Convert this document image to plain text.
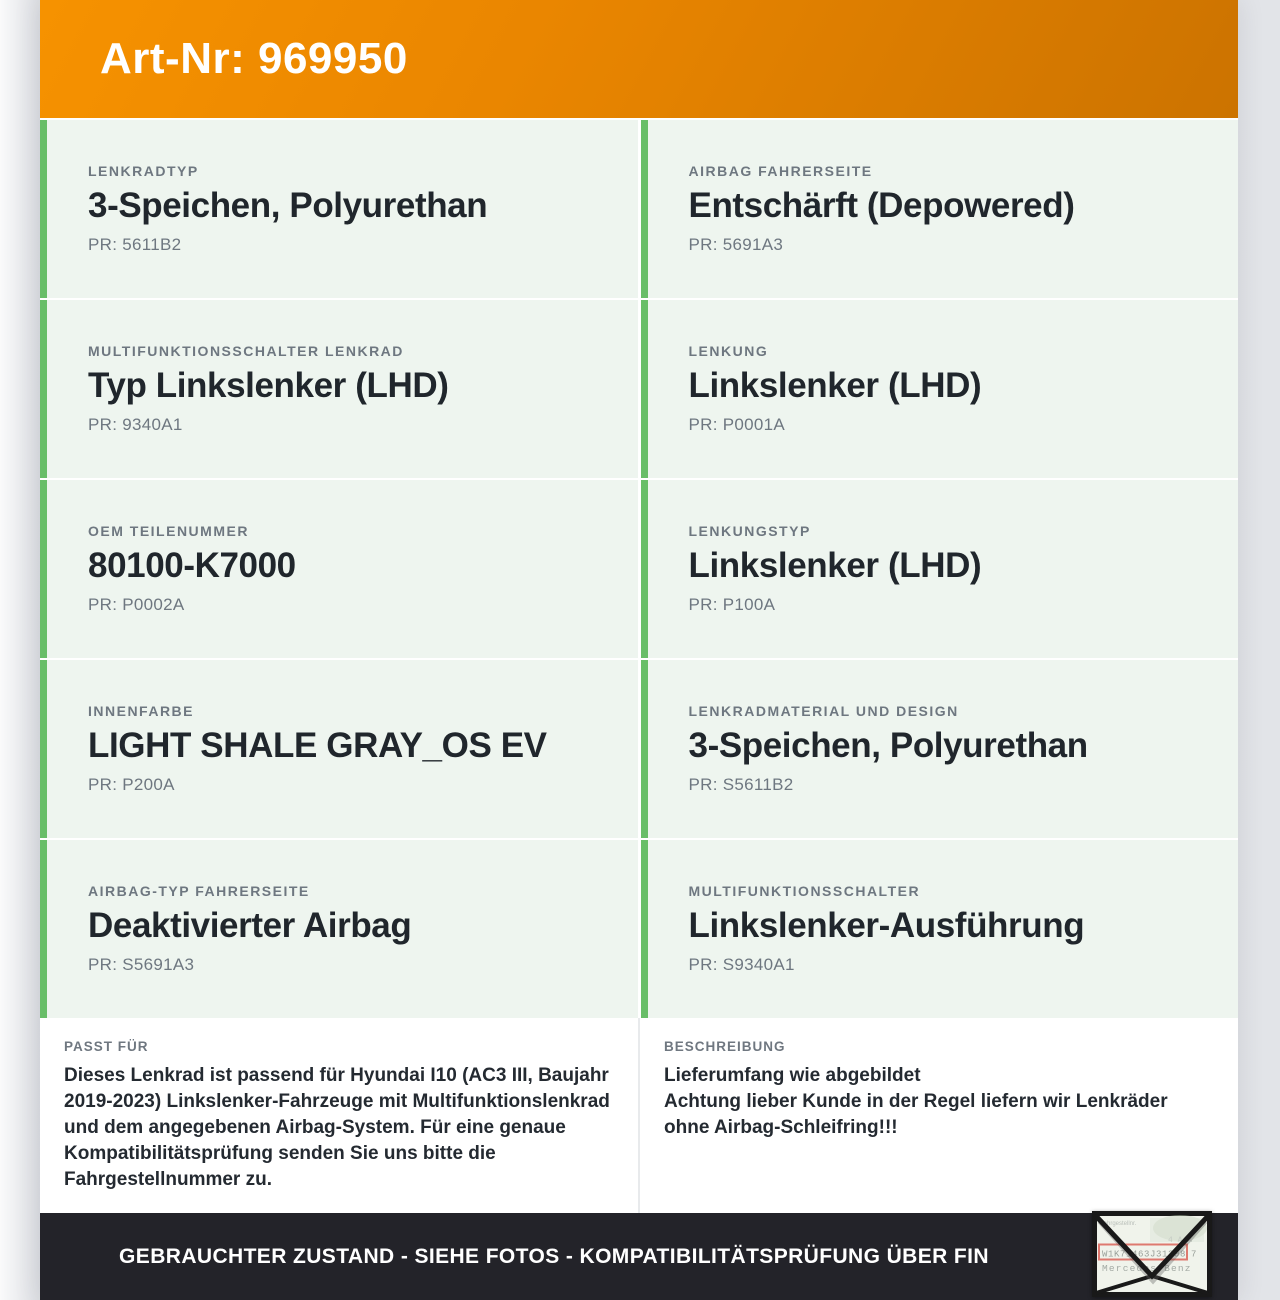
Art-Nr: 969950
LENKRADTYP
3-Speichen, Polyurethan
PR: 5611B2
AIRBAG FAHRERSEITE
Entschärft (Depowered)
PR: 5691A3
MULTIFUNKTIONSSCHALTER LENKRAD
Typ Linkslenker (LHD)
PR: 9340A1
LENKUNG
Linkslenker (LHD)
PR: P0001A
OEM TEILENUMMER
80100-K7000
PR: P0002A
LENKUNGSTYP
Linkslenker (LHD)
PR: P100A
INNENFARBE
LIGHT SHALE GRAY_OS EV
PR: P200A
LENKRADMATERIAL UND DESIGN
3-Speichen, Polyurethan
PR: S5611B2
AIRBAG-TYP FAHRERSEITE
Deaktivierter Airbag
PR: S5691A3
MULTIFUNKTIONSSCHALTER
Linkslenker-Ausführung
PR: S9340A1
PASST FÜR

Dieses Lenkrad ist passend für Hyundai I10 (AC3 III, Baujahr 2019-2023) Linkslenker-Fahrzeuge mit Multifunktionslenkrad und dem angegebenen Airbag-System. Für eine genaue Kompatibilitätsprüfung senden Sie uns bitte die Fahrgestellnummer zu.

BESCHREIBUNG

Lieferumfang wie abgebildet
Achtung lieber Kunde in der Regel liefern wir Lenkräder ohne Airbag-Schleifring!!!

GEBRAUCHTER ZUSTAND - SIEHE FOTOS - KOMPATIBILITÄTSPRÜFUNG ÜBER FIN
